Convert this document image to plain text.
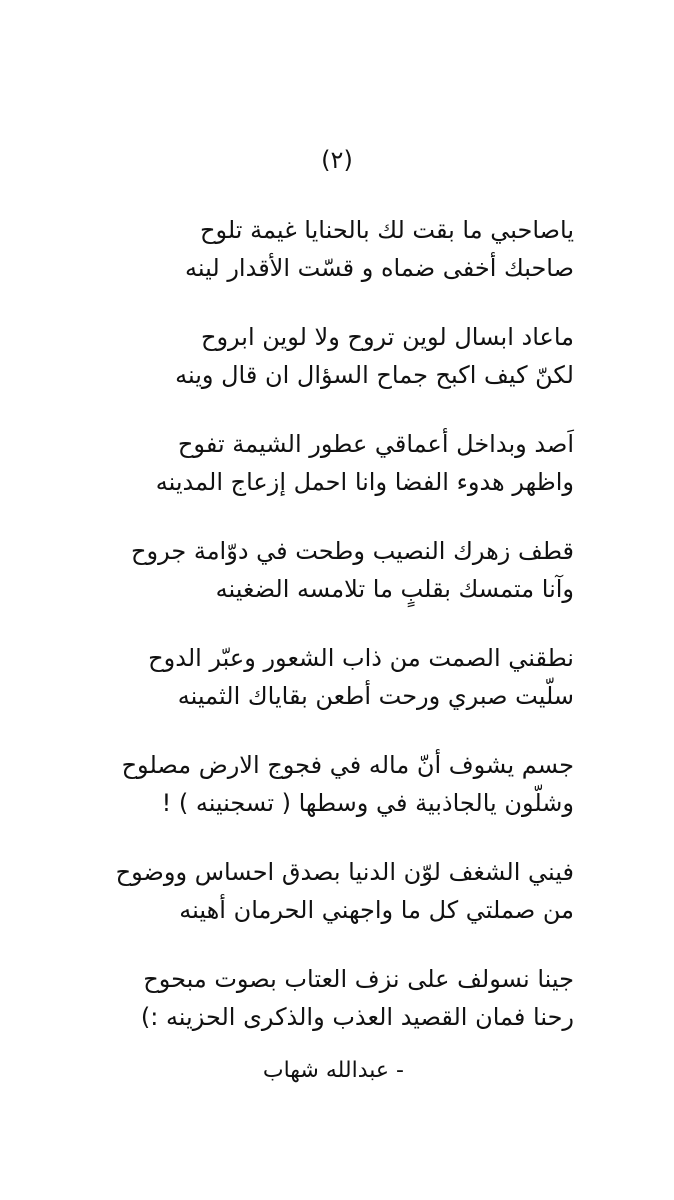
(٢)
ياصاحبي ما بقت لك بالحنايا غيمة تلوح
صاحبك أخفى ضماه و قسّت الأقدار لينه
ماعاد ابسال لوين تروح ولا لوين ابروح
لكنّ كيف اكبح جماح السؤال ان قال وينه
اَصد وبداخل أعماقي عطور الشيمة تفوح
واظهر هدوء الفضا وانا احمل إزعاج المدينه
قطف زهرك النصيب وطحت في دوّامة جروح
وآنا متمسك بقلبٍ ما تلامسه الضغينه
نطقني الصمت من ذاب الشعور وعبّر الدوح
سلّيت صبري ورحت أطعن بقاياك الثمينه
جسم يشوف أنّ ماله في فجوج الارض مصلوح
وشلّون يالجاذبية في وسطها ( تسجنينه ) !
فيني الشغف لوّن الدنيا بصدق احساس ووضوح
من صملتي كل ما واجهني الحرمان أهينه
جينا نسولف على نزف العتاب بصوت مبحوح
رحنا فمان القصيد العذب والذكرى الحزينه :)
- عبدالله شهاب
